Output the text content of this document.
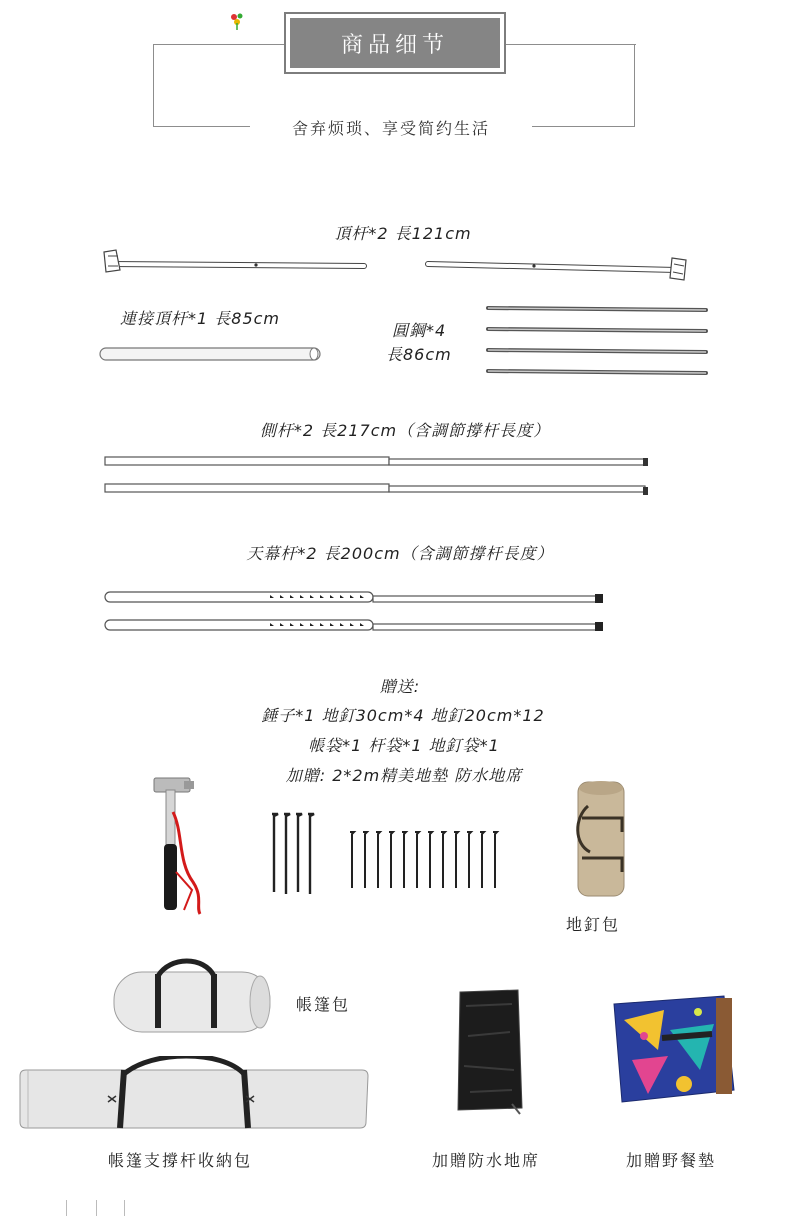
商品细节
舍弃烦琐、享受简约生活
頂杆*2 長121cm
連接頂杆*1 長85cm
圓鋼*4
長86cm
側杆*2 長217cm（含調節撐杆長度）
天幕杆*2 長200cm（含調節撐杆長度）
贈送:
錘子*1 地釘30cm*4 地釘20cm*12
帳袋*1 杆袋*1 地釘袋*1
加贈: 2*2m精美地墊 防水地席
地釘包
帳篷包
帳篷支撐杆收納包	加贈防水地席	加贈野餐墊
